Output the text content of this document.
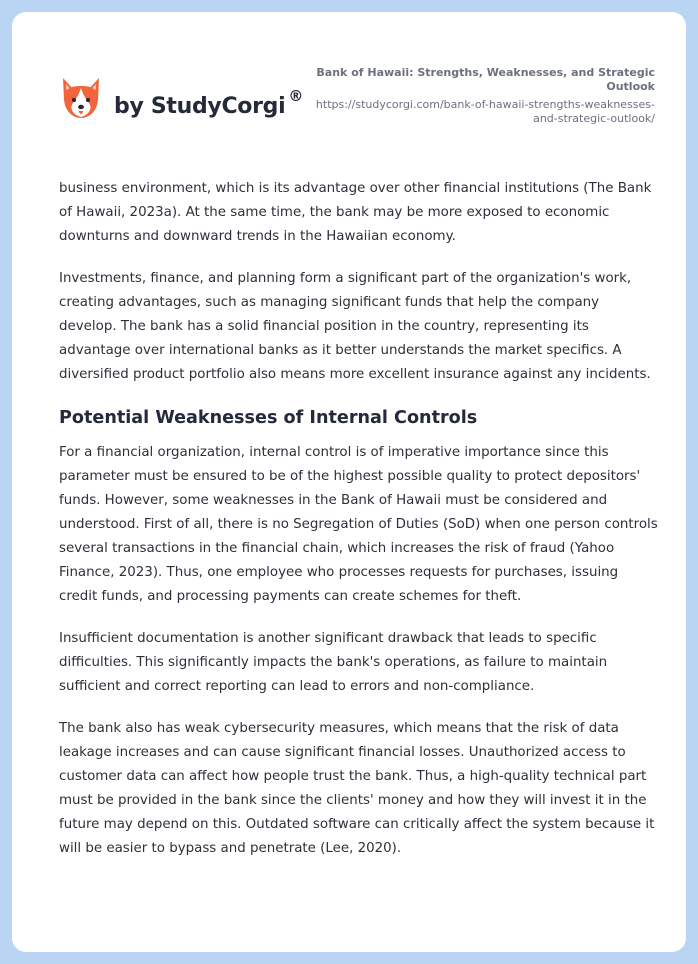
by StudyCorgi ®
Bank of Hawaii: Strengths, Weaknesses, and Strategic Outlook
https://studycorgi.com/bank-of-hawaii-strengths-weaknesses-and-strategic-outlook/

business environment, which is its advantage over other financial institutions (The Bank of Hawaii, 2023a). At the same time, the bank may be more exposed to economic downturns and downward trends in the Hawaiian economy.

Investments, finance, and planning form a significant part of the organization's work, creating advantages, such as managing significant funds that help the company develop. The bank has a solid financial position in the country, representing its advantage over international banks as it better understands the market specifics. A diversified product portfolio also means more excellent insurance against any incidents.

Potential Weaknesses of Internal Controls

For a financial organization, internal control is of imperative importance since this parameter must be ensured to be of the highest possible quality to protect depositors' funds. However, some weaknesses in the Bank of Hawaii must be considered and understood. First of all, there is no Segregation of Duties (SoD) when one person controls several transactions in the financial chain, which increases the risk of fraud (Yahoo Finance, 2023). Thus, one employee who processes requests for purchases, issuing credit funds, and processing payments can create schemes for theft.

Insufficient documentation is another significant drawback that leads to specific difficulties. This significantly impacts the bank's operations, as failure to maintain sufficient and correct reporting can lead to errors and non-compliance.

The bank also has weak cybersecurity measures, which means that the risk of data leakage increases and can cause significant financial losses. Unauthorized access to customer data can affect how people trust the bank. Thus, a high-quality technical part must be provided in the bank since the clients' money and how they will invest it in the future may depend on this. Outdated software can critically affect the system because it will be easier to bypass and penetrate (Lee, 2020).
